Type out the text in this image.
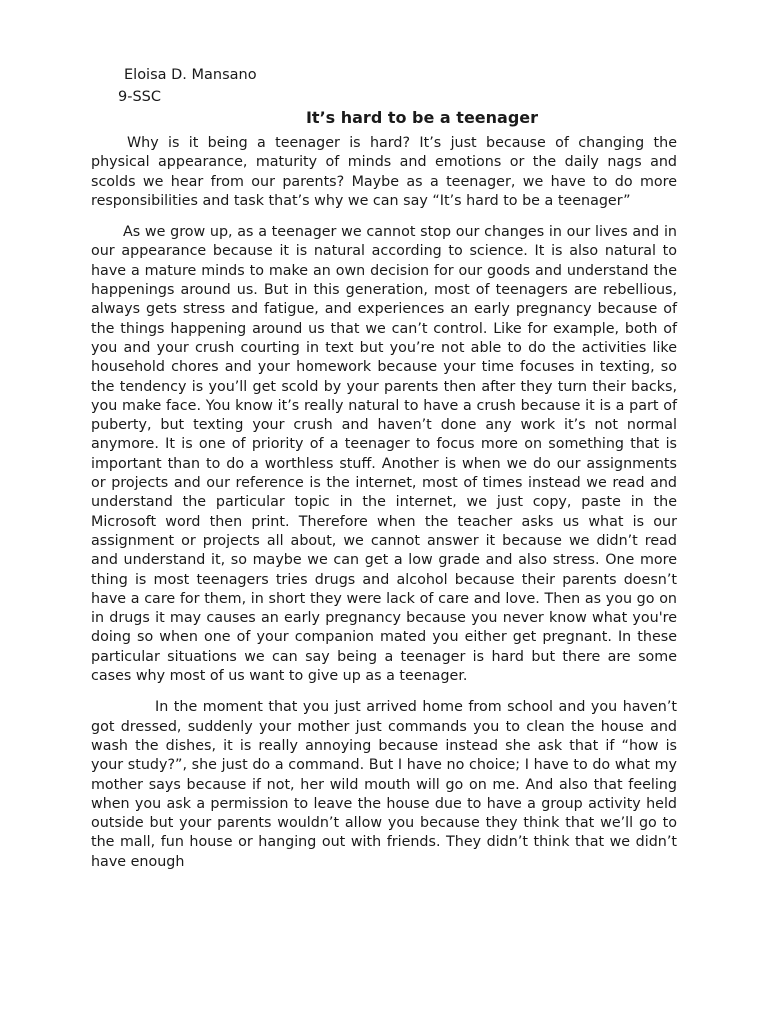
Eloisa D. Mansano
9-SSC
It’s hard to be a teenager

Why is it being a teenager is hard? It’s just because of changing the physical appearance, maturity of minds and emotions or the daily nags and scolds we hear from our parents? Maybe as a teenager, we have to do more responsibilities and task that’s why we can say “It’s hard to be a teenager”

As we grow up, as a teenager we cannot stop our changes in our lives and in our appearance because it is natural according to science. It is also natural to have a mature minds to make an own decision for our goods and understand the happenings around us. But in this generation, most of teenagers are rebellious, always gets stress and fatigue, and experiences an early pregnancy because of the things happening around us that we can’t control. Like for example, both of you and your crush courting in text but you’re not able to do the activities like household chores and your homework because your time focuses in texting, so the tendency is you’ll get scold by your parents then after they turn their backs, you make face. You know it’s really natural to have a crush because it is a part of puberty, but texting your crush and haven’t done any work it’s not normal anymore. It is one of priority of a teenager to focus more on something that is important than to do a worthless stuff. Another is when we do our assignments or projects and our reference is the internet, most of times instead we read and understand the particular topic in the internet, we just copy, paste in the Microsoft word then print. Therefore when the teacher asks us what is our assignment or projects all about, we cannot answer it because we didn’t read and understand it, so maybe we can get a low grade and also stress. One more thing is most teenagers tries drugs and alcohol because their parents doesn’t have a care for them, in short they were lack of care and love. Then as you go on in drugs it may causes an early pregnancy because you never know what you're doing so when one of your companion mated you either get pregnant. In these particular situations we can say being a teenager is hard but there are some cases why most of us want to give up as a teenager.

In the moment that you just arrived home from school and you haven’t got dressed, suddenly your mother just commands you to clean the house and wash the dishes, it is really annoying because instead she ask that if “how is your study?”, she just do a command. But I have no choice; I have to do what my mother says because if not, her wild mouth will go on me. And also that feeling when you ask a permission to leave the house due to have a group activity held outside but your parents wouldn’t allow you because they think that we’ll go to the mall, fun house or hanging out with friends. They didn’t think that we didn’t have enough
